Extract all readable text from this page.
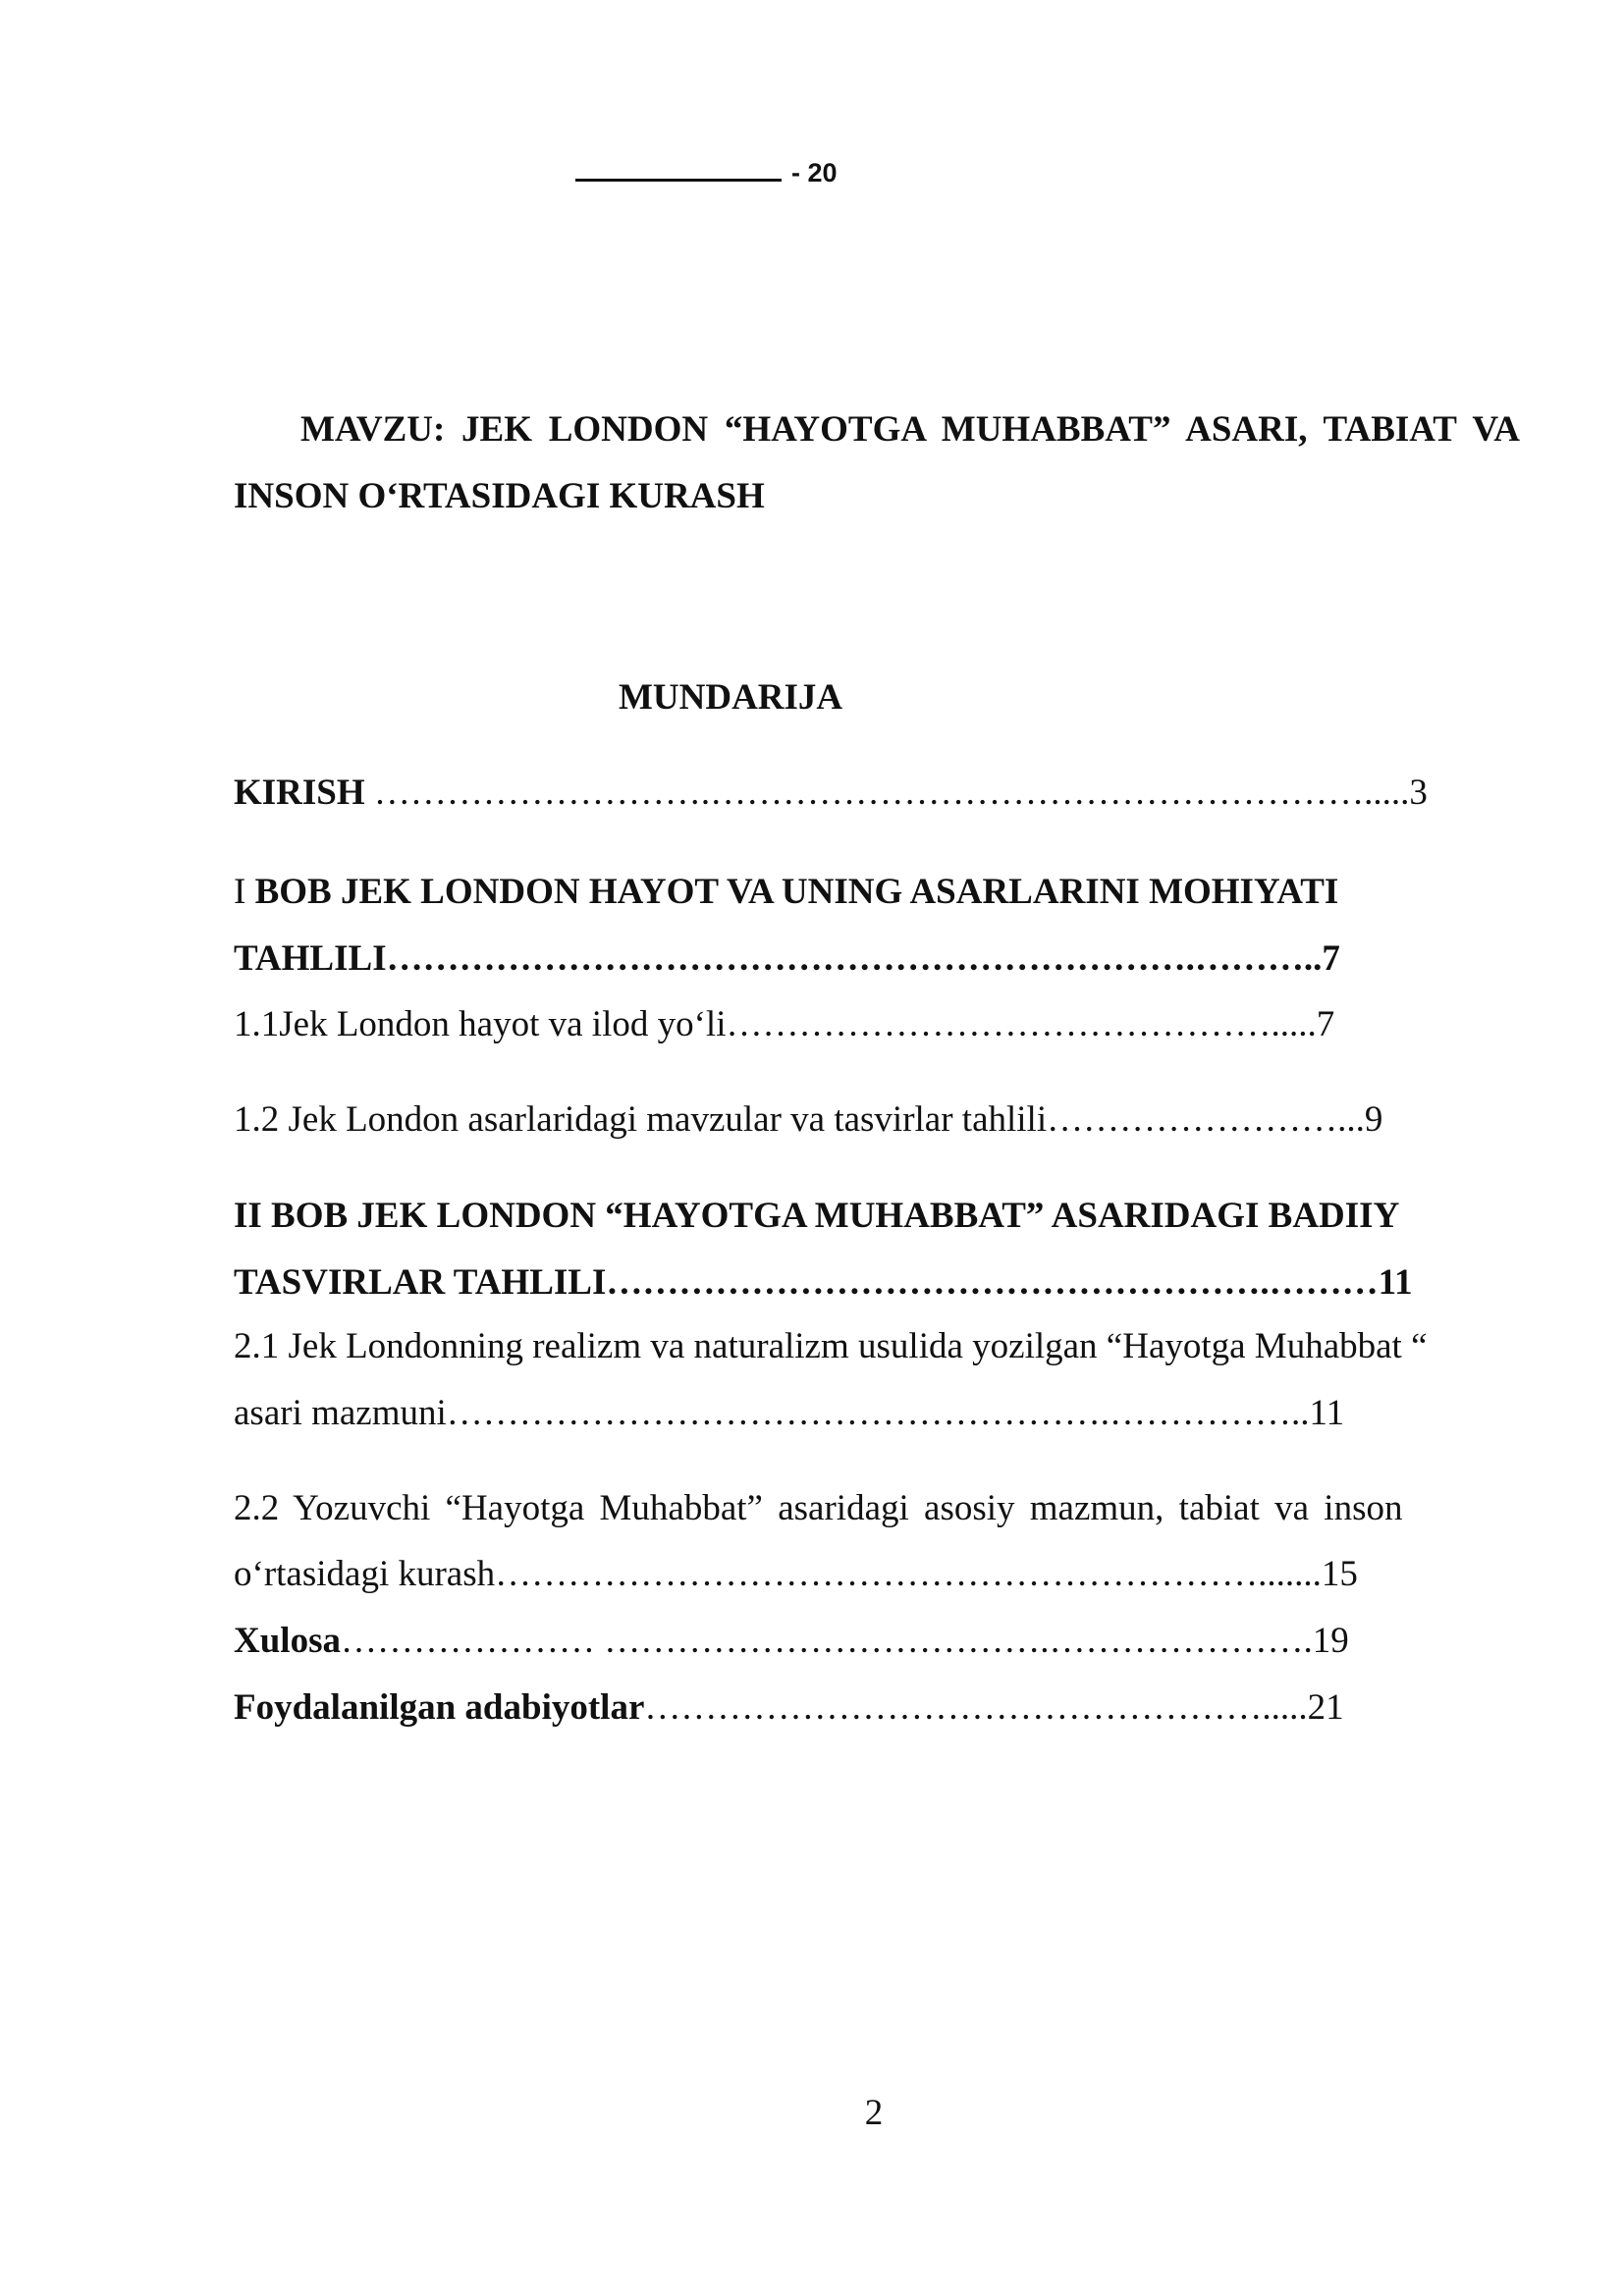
- 20
MAVZU: JEK LONDON “HAYOTGA MUHABBAT” ASARI, TABIAT VA INSON O‘RTASIDAGI KURASH
MUNDARIJA
KIRISH ……………………….……………………………………………….....3
I BOB JEK LONDON HAYOT VA UNING ASARLARINI MOHIYATI
TAHLILI………………………………………………………….………..7
1.1Jek London hayot va ilod yo‘li……………………………………….....7
1.2 Jek London asarlaridagi mavzular va tasvirlar tahlili……………………...9
II BOB JEK LONDON “HAYOTGA MUHABBAT” ASARIDAGI BADIIY
TASVIRLAR TAHLILI……………………………………………….………11
2.1 Jek Londonning realizm va naturalizm usulida yozilgan “Hayotga Muhabbat “
asari mazmuni……………………………………………….……………..11
2.2 Yozuvchi “Hayotga Muhabbat” asaridagi asosiy mazmun, tabiat va inson
o‘rtasidagi kurash……………………………………………………….......15
Xulosa………………… ……………………………….………………….19
Foydalanilgan adabiyotlar…………………………………………….....21
2
